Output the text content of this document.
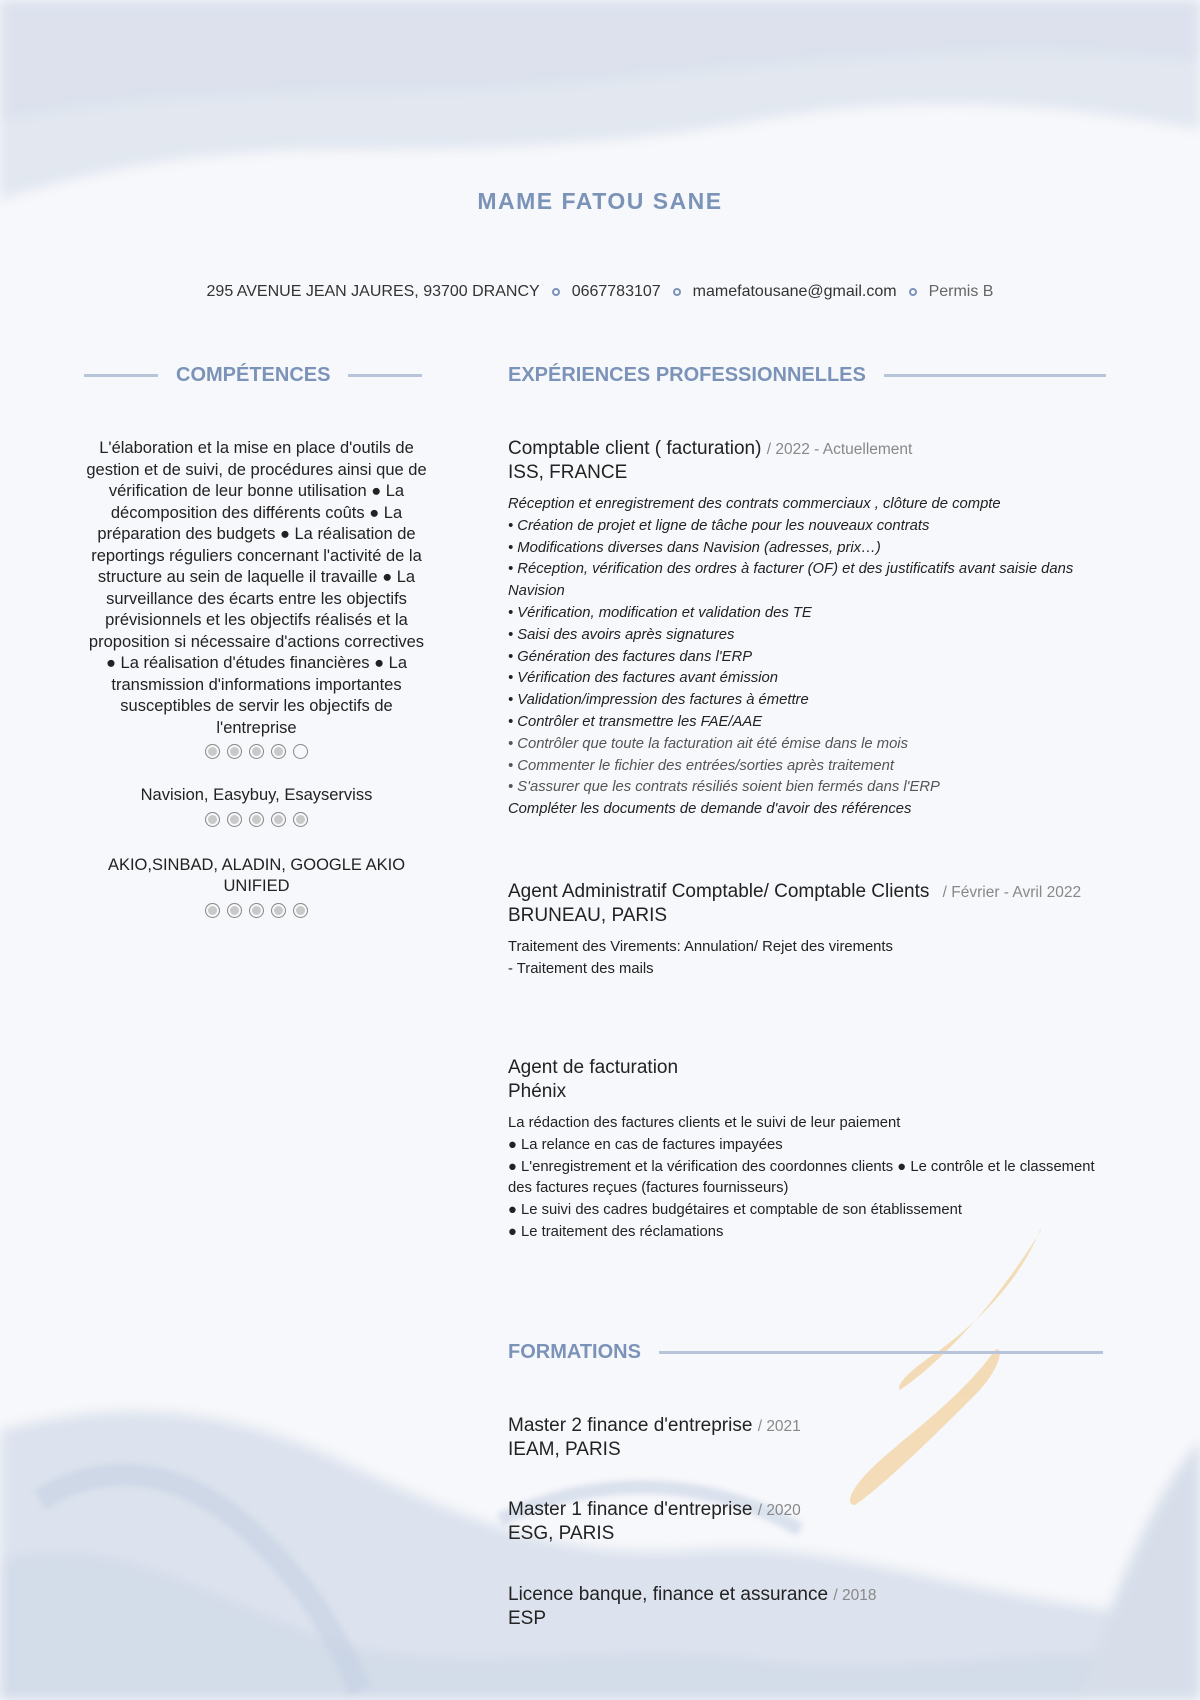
MAME FATOU SANE
295 AVENUE JEAN JAURES, 93700 DRANCY 0667783107 mamefatousane@gmail.com Permis B
COMPÉTENCES	EXPÉRIENCES PROFESSIONNELLES
L'élaboration et la mise en place d'outils de gestion et de suivi, de procédures ainsi que de vérification de leur bonne utilisation ● La décomposition des différents coûts ● La préparation des budgets ● La réalisation de reportings réguliers concernant l'activité de la structure au sein de laquelle il travaille ● La surveillance des écarts entre les objectifs prévisionnels et les objectifs réalisés et la proposition si nécessaire d'actions correctives ● La réalisation d'études financières ● La transmission d'informations importantes susceptibles de servir les objectifs de l'entreprise
Navision, Easybuy, Esayserviss
AKIO,SINBAD, ALADIN, GOOGLE AKIO UNIFIED
Comptable client ( facturation) / 2022 - Actuellement
ISS, FRANCE

Réception et enregistrement des contrats commerciaux , clôture de compte

• Création de projet et ligne de tâche pour les nouveaux contrats

• Modifications diverses dans Navision (adresses, prix…)

• Réception, vérification des ordres à facturer (OF) et des justificatifs avant saisie dans Navision

• Vérification, modification et validation des TE

• Saisi des avoirs après signatures

• Génération des factures dans l'ERP

• Vérification des factures avant émission

• Validation/impression des factures à émettre

• Contrôler et transmettre les FAE/AAE

• Contrôler que toute la facturation ait été émise dans le mois

• Commenter le fichier des entrées/sorties après traitement

• S'assurer que les contrats résiliés soient bien fermés dans l'ERP

Compléter les documents de demande d'avoir des références

Agent Administratif Comptable/ Comptable Clients / Février - Avril 2022
BRUNEAU, PARIS

Traitement des Virements: Annulation/ Rejet des virements

- Traitement des mails

Agent de facturation
Phénix

La rédaction des factures clients et le suivi de leur paiement

● La relance en cas de factures impayées

● L'enregistrement et la vérification des coordonnes clients ● Le contrôle et le classement des factures reçues (factures fournisseurs)

● Le suivi des cadres budgétaires et comptable de son établissement

● Le traitement des réclamations

FORMATIONS
Master 2 finance d'entreprise / 2021
IEAM, PARIS
Master 1 finance d'entreprise / 2020
ESG, PARIS
Licence banque, finance et assurance / 2018
ESP
